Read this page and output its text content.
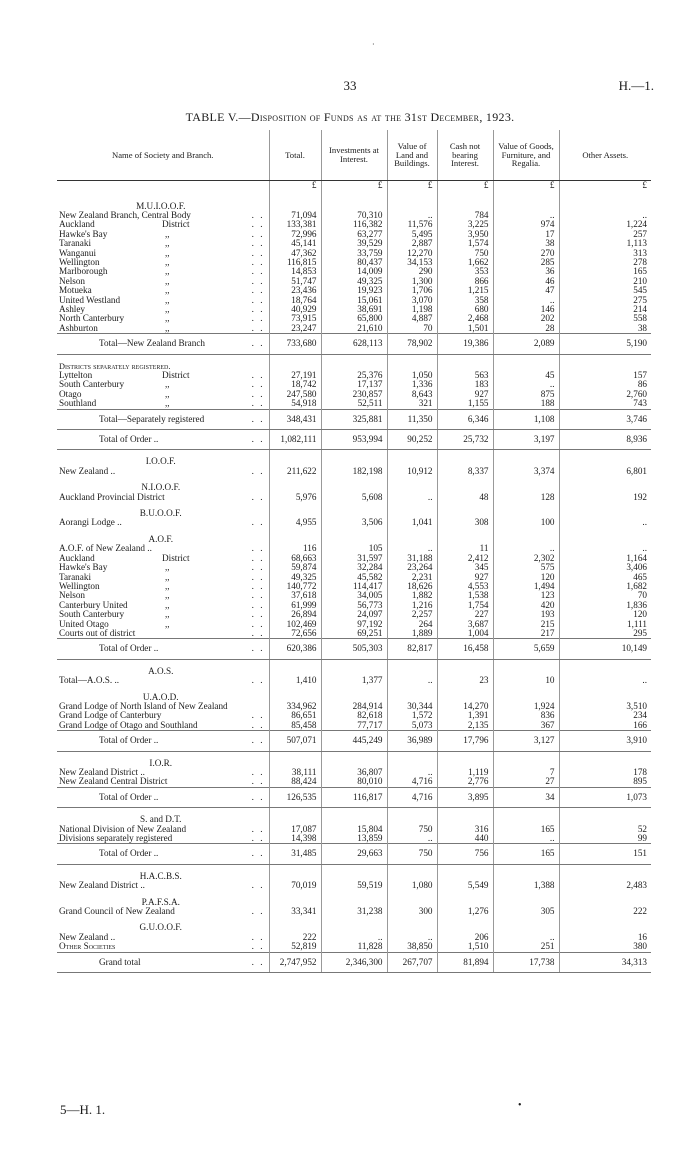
·
33	H.—1.
TABLE V.—Disposition of Funds as at the 31st December, 1923.
Name of Society and Branch.	Total.	Investments at Interest.	Value of Land and Buildings.	Cash not bearing Interest.	Value of Goods, Furniture, and Regalia.	Other Assets.
	£	£	£	£	£	£
M.U.I.O.O.F.						
New Zealand Branch, Central Body . .	71,094	70,310	..	784	..	..
Auckland District . .	133,381	116,382	11,576	3,225	974	1,224
Hawke's Bay ,, . .	72,996	63,277	5,495	3,950	17	257
Taranaki ,, . .	45,141	39,529	2,887	1,574	38	1,113
Wanganui ,, . .	47,362	33,759	12,270	750	270	313
Wellington ,, . .	116,815	80,437	34,153	1,662	285	278
Marlborough ,, . .	14,853	14,009	290	353	36	165
Nelson ,, . .	51,747	49,325	1,300	866	46	210
Motueka ,, . .	23,436	19,923	1,706	1,215	47	545
United Westland ,, . .	18,764	15,061	3,070	358	..	275
Ashley ,, . .	40,929	38,691	1,198	680	146	214
North Canterbury ,, . .	73,915	65,800	4,887	2,468	202	558
Ashburton ,, . .	23,247	21,610	70	1,501	28	38
Total—New Zealand Branch . .	733,680	628,113	78,902	19,386	2,089	5,190
Districts separately registered.						
Lyttelton District . .	27,191	25,376	1,050	563	45	157
South Canterbury ,, . .	18,742	17,137	1,336	183	..	86
Otago ,, . .	247,580	230,857	8,643	927	875	2,760
Southland ,, . .	54,918	52,511	321	1,155	188	743
Total—Separately registered . .	348,431	325,881	11,350	6,346	1,108	3,746
Total of Order .. . .	1,082,111	953,994	90,252	25,732	3,197	8,936
I.O.O.F.						
New Zealand .. . .	211,622	182,198	10,912	8,337	3,374	6,801
N.I.O.O.F.						
Auckland Provincial District . .	5,976	5,608	..	48	128	192
B.U.O.O.F.						
Aorangi Lodge .. . .	4,955	3,506	1,041	308	100	..
A.O.F.						
A.O.F. of New Zealand .. . .	116	105	..	11	..	..
Auckland District . .	68,663	31,597	31,188	2,412	2,302	1,164
Hawke's Bay ,, . .	59,874	32,284	23,264	345	575	3,406
Taranaki ,, . .	49,325	45,582	2,231	927	120	465
Wellington ,, . .	140,772	114,417	18,626	4,553	1,494	1,682
Nelson ,, . .	37,618	34,005	1,882	1,538	123	70
Canterbury United ,, . .	61,999	56,773	1,216	1,754	420	1,836
South Canterbury ,, . .	26,894	24,097	2,257	227	193	120
United Otago ,, . .	102,469	97,192	264	3,687	215	1,111
Courts out of district . .	72,656	69,251	1,889	1,004	217	295
Total of Order .. . .	620,386	505,303	82,817	16,458	5,659	10,149
A.O.S.						
Total—A.O.S. .. . .	1,410	1,377	..	23	10	..
U.A.O.D.						
Grand Lodge of North Island of New Zealand	334,962	284,914	30,344	14,270	1,924	3,510
Grand Lodge of Canterbury . .	86,651	82,618	1,572	1,391	836	234
Grand Lodge of Otago and Southland . .	85,458	77,717	5,073	2,135	367	166
Total of Order .. . .	507,071	445,249	36,989	17,796	3,127	3,910
I.O.R.						
New Zealand District .. . .	38,111	36,807	..	1,119	7	178
New Zealand Central District . .	88,424	80,010	4,716	2,776	27	895
Total of Order .. . .	126,535	116,817	4,716	3,895	34	1,073
S. and D.T.						
National Division of New Zealand . .	17,087	15,804	750	316	165	52
Divisions separately registered . .	14,398	13,859	..	440	..	99
Total of Order .. . .	31,485	29,663	750	756	165	151
H.A.C.B.S.						
New Zealand District .. . .	70,019	59,519	1,080	5,549	1,388	2,483
P.A.F.S.A.						
Grand Council of New Zealand . .	33,341	31,238	300	1,276	305	222
G.U.O.O.F.						
New Zealand .. . .	222	..	..	206	..	16
Other Societies . .	52,819	11,828	38,850	1,510	251	380
Grand total . .	2,747,952	2,346,300	267,707	81,894	17,738	34,313
5—H. 1.	•
